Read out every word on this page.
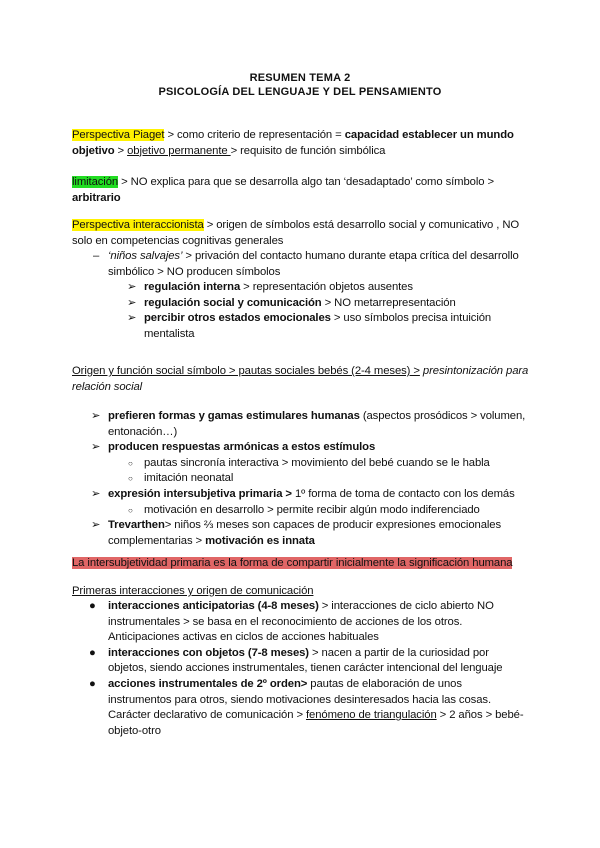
RESUMEN TEMA 2
PSICOLOGÍA DEL LENGUAJE Y DEL PENSAMIENTO
Perspectiva Piaget > como criterio de representación = capacidad establecer un mundo objetivo > objetivo permanente > requisito de función simbólica
limitación > NO explica para que se desarrolla algo tan ‘desadaptado’ como símbolo > arbitrario
Perspectiva interaccionista > origen de símbolos está desarrollo social y comunicativo , NO solo en competencias cognitivas generales
– ‘niños salvajes’ > privación del contacto humano durante etapa crítica del desarrollo simbólico > NO producen símbolos
➢ regulación interna > representación objetos ausentes
➢ regulación social y comunicación > NO metarrepresentación
➢ percibir otros estados emocionales > uso símbolos precisa intuición mentalista
Origen y función social símbolo > pautas sociales bebés (2-4 meses) > presintonización para relación social
➢ prefieren formas y gamas estimulares humanas (aspectos prosódicos > volumen, entonación…)
➢ producen respuestas armónicas a estos estímulos
○ pautas sincronía interactiva > movimiento del bebé cuando se le habla
○ imitación neonatal
➢ expresión intersubjetiva primaria > 1º forma de toma de contacto con los demás
○ motivación en desarrollo > permite recibir algún modo indiferenciado
➢ Trevarthen> niños ⅔ meses son capaces de producir expresiones emocionales complementarias > motivación es innata
La intersubjetividad primaria es la forma de compartir inicialmente la significación humana
Primeras interacciones y origen de comunicación
● interacciones anticipatorias (4-8 meses) > interacciones de ciclo abierto NO instrumentales > se basa en el reconocimiento de acciones de los otros. Anticipaciones activas en ciclos de acciones habituales
● interacciones con objetos (7-8 meses) > nacen a partir de la curiosidad por objetos, siendo acciones instrumentales, tienen carácter intencional del lenguaje
● acciones instrumentales de 2º orden> pautas de elaboración de unos instrumentos para otros, siendo motivaciones desinteresados hacia las cosas. Carácter declarativo de comunicación > fenómeno de triangulación > 2 años > bebé-objeto-otro
